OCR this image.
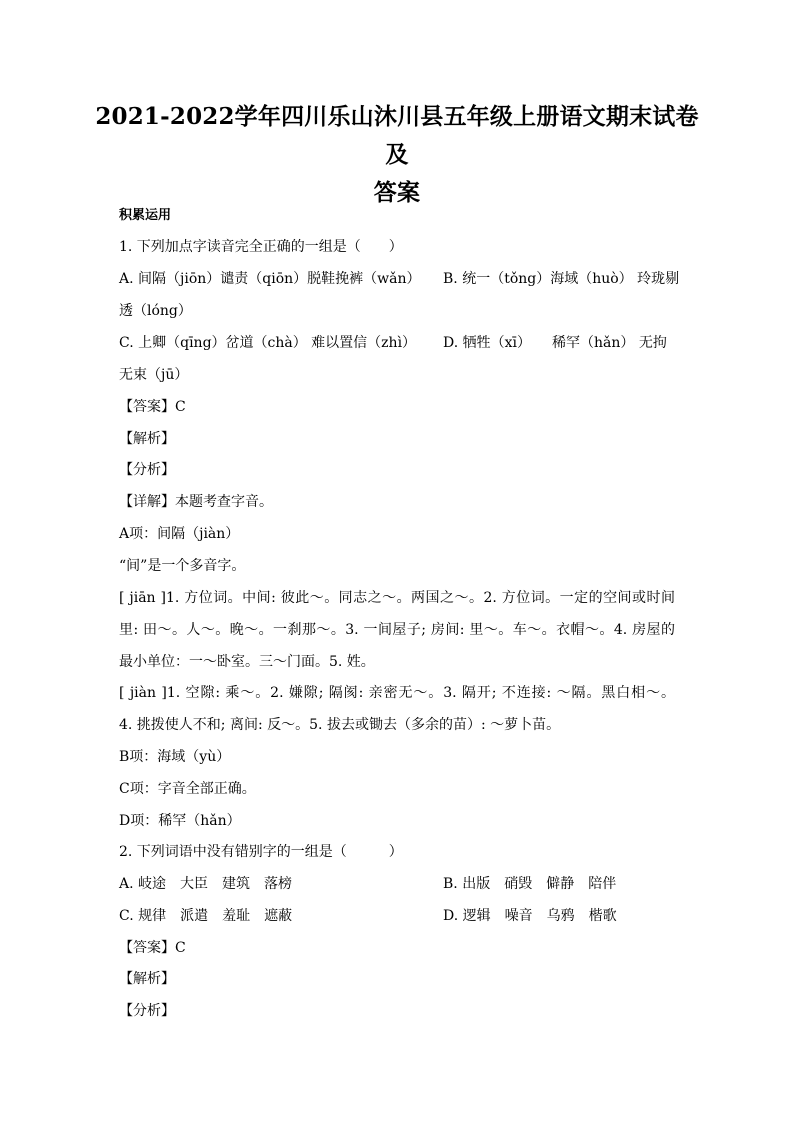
2021-2022学年四川乐山沐川县五年级上册语文期末试卷及
答案
积累运用
1. 下列加点字读音完全正确的一组是（　　）
A. 间隔（jiōn）谴责（qiōn）脱鞋挽裤（wǎn） B. 统一（tǒng）海域（huò） 玲珑剔
透（lóng）
C. 上卿（qīng）岔道（chà） 难以置信（zhì） D. 牺牲（xī）　　稀罕（hǎn） 无拘
无束（jū）
【答案】C
【解析】
【分析】
【详解】本题考查字音。
A项：间隔（jiàn）
“间”是一个多音字。
[ jiān ]1. 方位词。中间: 彼此～。同志之～。两国之～。2. 方位词。一定的空间或时间
里: 田～。人～。晚～。一刹那～。3. 一间屋子; 房间: 里～。车～。衣帽～。4. 房屋的
最小单位：一～卧室。三～门面。5. 姓。
[ jiàn ]1. 空隙: 乘～。2. 嫌隙; 隔阂: 亲密无～。3. 隔开; 不连接: ～隔。黑白相～。
4. 挑拨使人不和; 离间: 反～。5. 拔去或锄去（多余的苗）: ～萝卜苗。
B项：海域（yù）
C项：字音全部正确。
D项：稀罕（hǎn）
2. 下列词语中没有错别字的一组是（　　　）
A. 岐途　大臣　建筑　落榜	B. 出版　硝毁　僻静　陪伴
C. 规律　派遣　羞耻　遮蔽	D. 逻辑　噪音　乌鸦　楷歌
【答案】C
【解析】
【分析】
